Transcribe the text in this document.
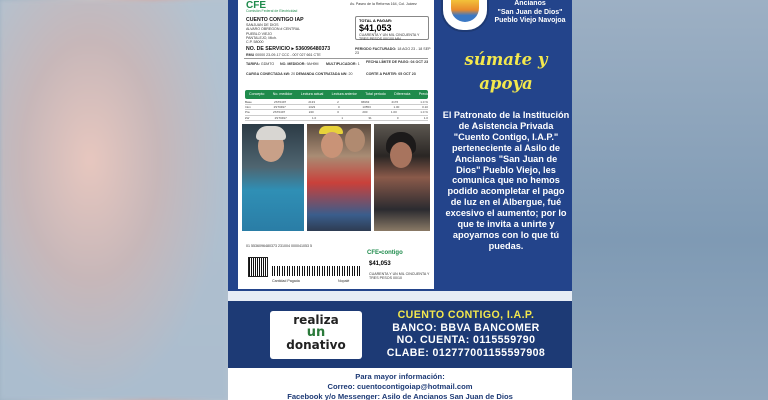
CFE
Comisión Federal de Electricidad
Av. Paseo de la Reforma 164, Col. Juárez
CUENTO CONTIGO IAP
SANJUAN DE DIOS
ALVARO OBREGON # CENTRAL
PUEBLO VIEJO
PANTALEJO, Mich.
C.P. 58000
TOTAL A PAGAR:
$41,053
CUARENTA Y UN MIL CINCUENTA Y TRES PESOS 00/100 MN
NO. DE SERVICIO ▸ 536096480373
RMU 00000 23-09-17 CCC - 007 027 661 CTE
PERIODO FACTURADO: 18 AGO 23 - 18 SEP 23
TARIFA: GDMTO NO. MEDIDOR: 9AH9M MULTIPLICADOR: 1 FECHA LÍMITE DE PAGO: 04 OCT 23
CARGA CONECTADA kW: 20 DEMANDA CONTRATADA kW: 20	CORTE A PARTIR: 05 OCT 23
Concepto No. medidor Lectura actual Lectura anterior Total periodo Diferencia Precio
Base	2ST0497	2133	2	96963	2176	1.0 %
Intm	2ST0497	1023	0	13553	1.00	0.10
Pta	2ST0497	240	0	200	1.00	1.0 %
kW	2ST0497	1.0	1	31	0	1.0
01 5536096480373 231004 000041053 5
CFE•contigo
$41,053
CUARENTA Y UN MIL CINCUENTA Y TRES PESOS 00/10
Cantidad Pagada	Nopalé
Ancianos
"San Juan de Dios"
Pueblo Viejo Navojoa
súmate y
apoya
El Patronato de la Institución de Asistencia Privada "Cuento Contigo, I.A.P." perteneciente al Asilo de Ancianos "San Juan de Dios" Pueblo Viejo, les comunica que no hemos podido acompletar el pago de luz en el Albergue, fué excesivo el aumento; por lo que te invita a unirte y apoyarnos con lo que tú puedas.
realiza
un
donativo
CUENTO CONTIGO, I.A.P.
BANCO: BBVA BANCOMER
NO. CUENTA: 0115559790
CLABE: 012777001155597908
Para mayor información:
Correo: cuentocontigoiap@hotmail.com
Facebook y/o Messenger: Asilo de Ancianos San Juan de Dios
